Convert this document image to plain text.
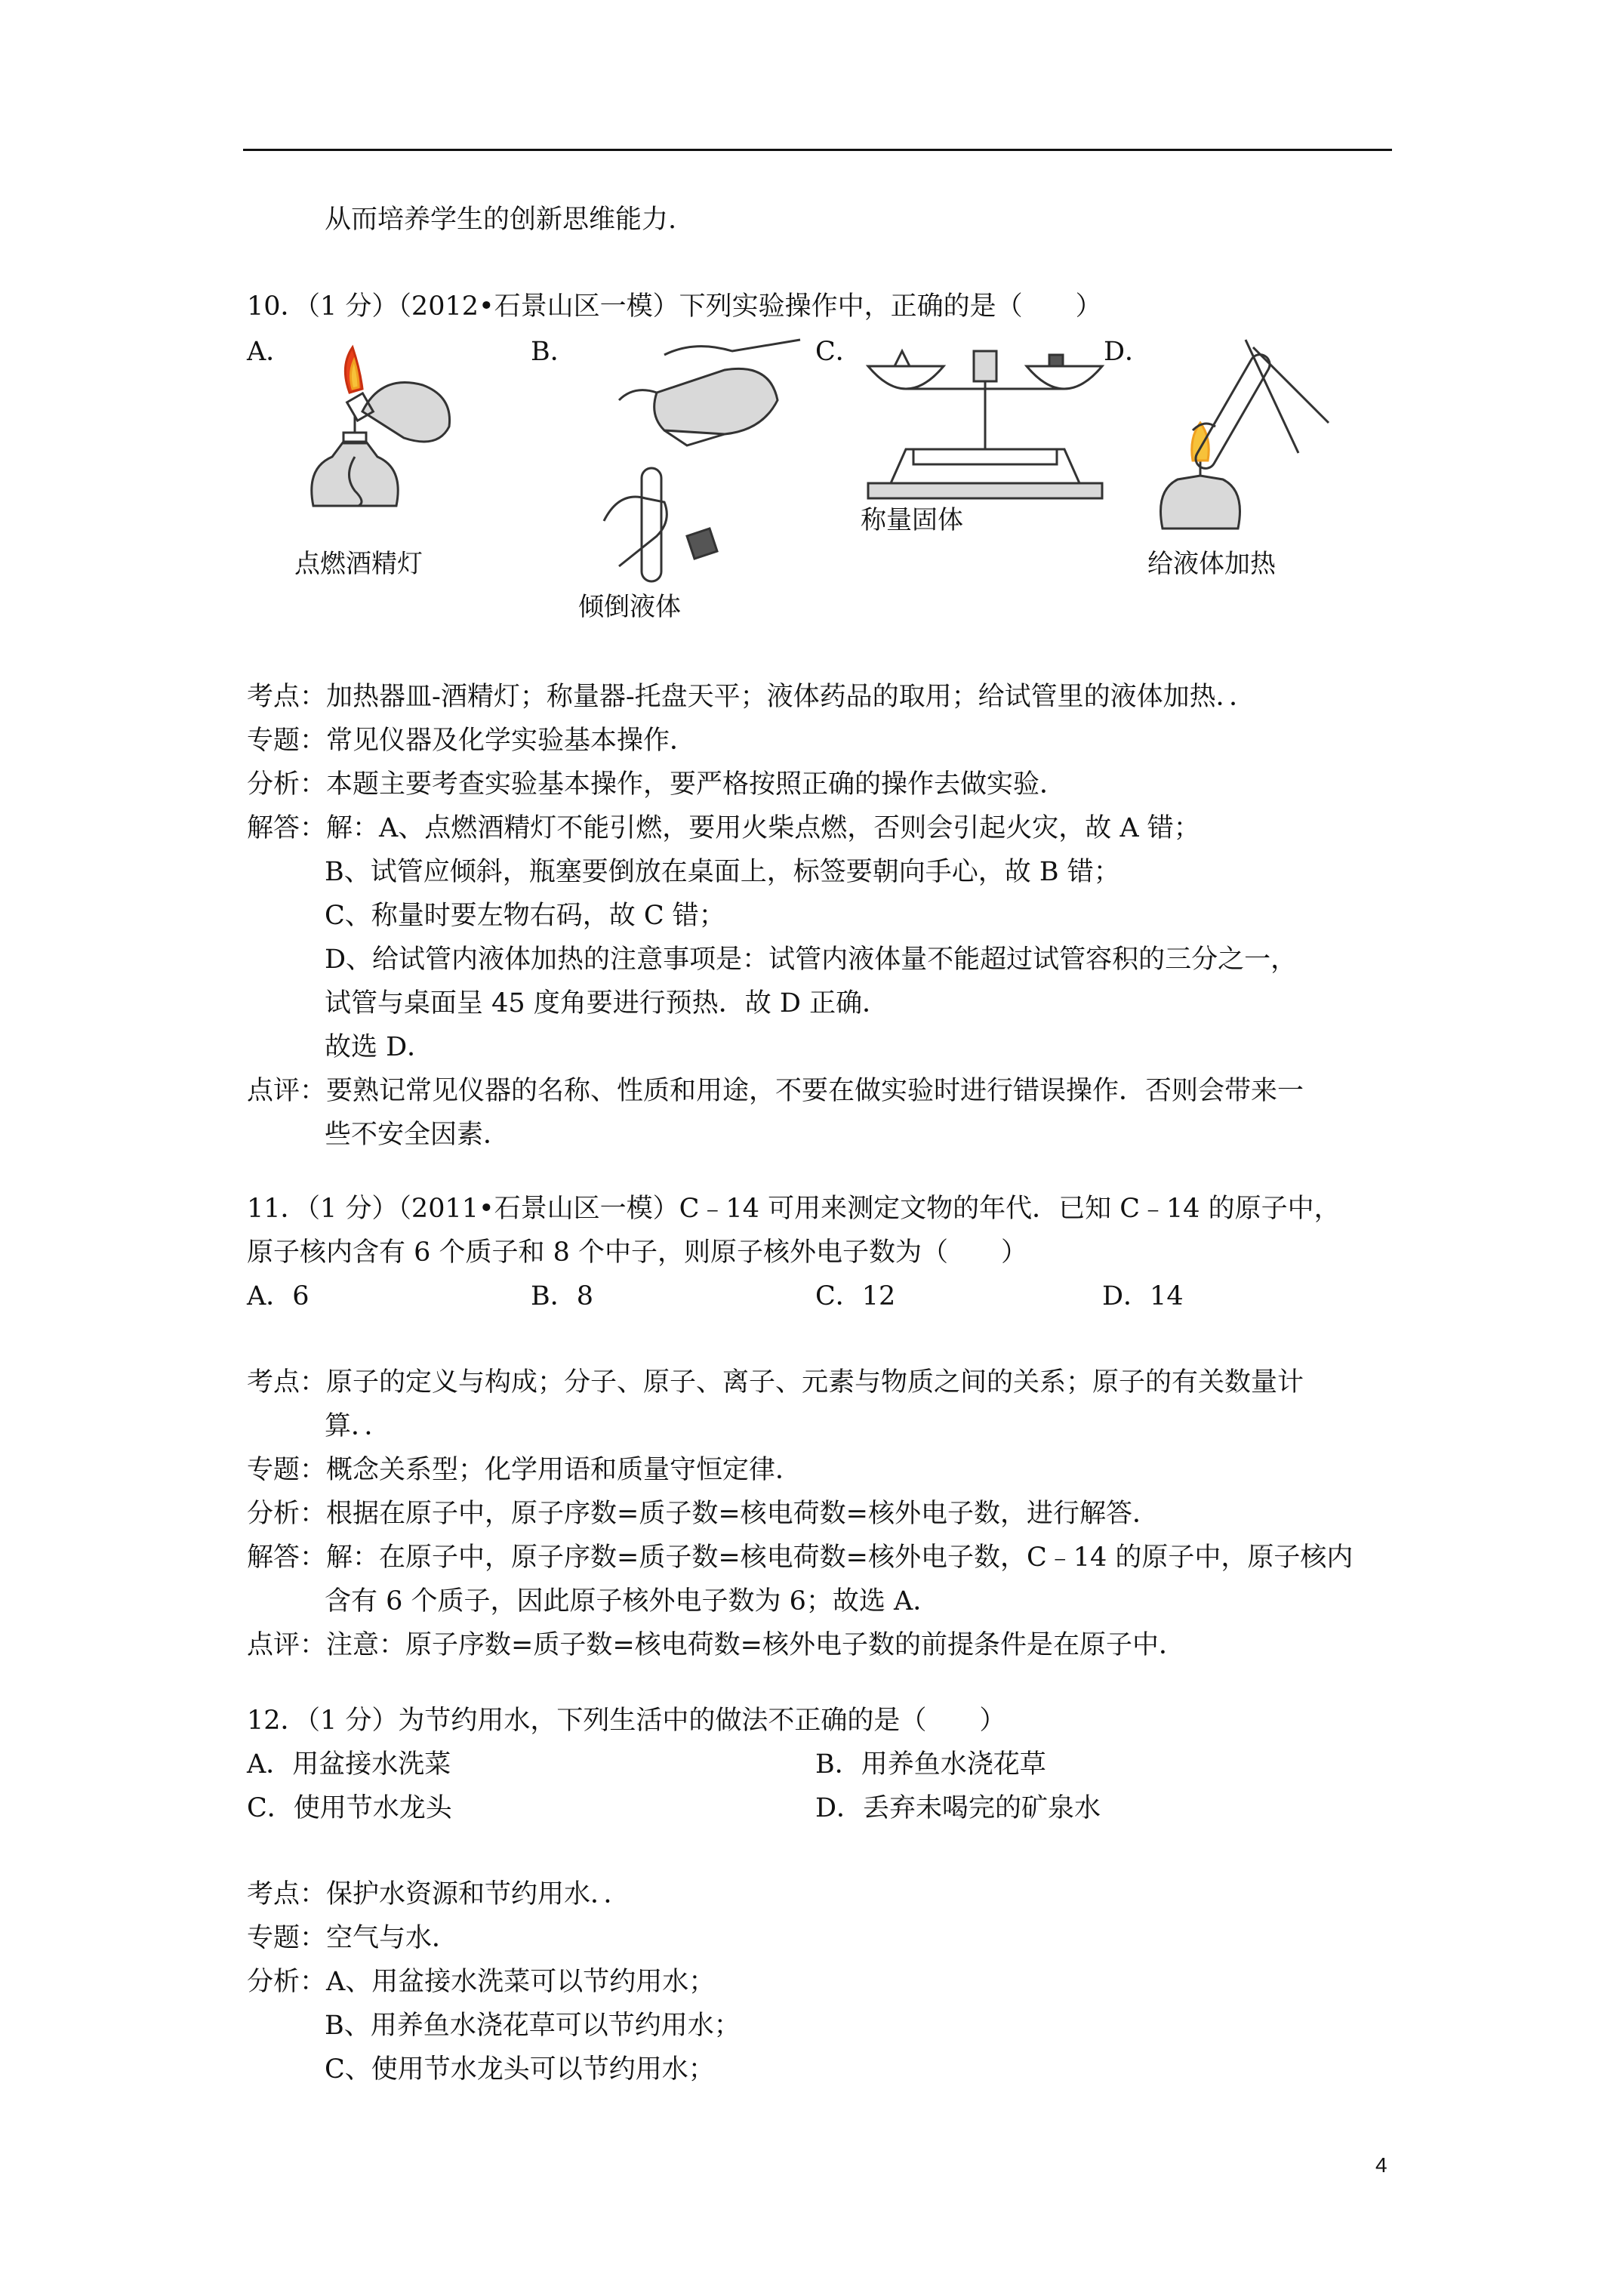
从而培养学生的创新思维能力.
10．（1 分）（2012•石景山区一模）下列实验操作中，正确的是（　　）
A．	B．	C．	D．
点燃酒精灯
倾倒液体
称量固体
给液体加热
考点：加热器皿-酒精灯；称量器-托盘天平；液体药品的取用；给试管里的液体加热．．
专题：常见仪器及化学实验基本操作．
分析：本题主要考查实验基本操作，要严格按照正确的操作去做实验．
解答：解：A、点燃酒精灯不能引燃，要用火柴点燃，否则会引起火灾，故 A 错；
B、试管应倾斜，瓶塞要倒放在桌面上，标签要朝向手心，故 B 错；
C、称量时要左物右码，故 C 错；
D、给试管内液体加热的注意事项是：试管内液体量不能超过试管容积的三分之一，
试管与桌面呈 45 度角要进行预热．故 D 正确．
故选 D．
点评：要熟记常见仪器的名称、性质和用途，不要在做实验时进行错误操作．否则会带来一
些不安全因素．
11．（1 分）（2011•石景山区一模）C﹣14 可用来测定文物的年代．已知 C﹣14 的原子中，
原子核内含有 6 个质子和 8 个中子，则原子核外电子数为（　　）
A．6	B．8	C．12	D．14
考点：原子的定义与构成；分子、原子、离子、元素与物质之间的关系；原子的有关数量计
算．．
专题：概念关系型；化学用语和质量守恒定律．
分析：根据在原子中，原子序数=质子数=核电荷数=核外电子数，进行解答．
解答：解：在原子中，原子序数=质子数=核电荷数=核外电子数，C﹣14 的原子中，原子核内
含有 6 个质子，因此原子核外电子数为 6；故选 A．
点评：注意：原子序数=质子数=核电荷数=核外电子数的前提条件是在原子中．
12．（1 分）为节约用水，下列生活中的做法不正确的是（　　）
A．用盆接水洗菜	B．用养鱼水浇花草
C．使用节水龙头	D．丢弃未喝完的矿泉水
考点：保护水资源和节约用水．．
专题：空气与水．
分析：A、用盆接水洗菜可以节约用水；
B、用养鱼水浇花草可以节约用水；
C、使用节水龙头可以节约用水；
4
